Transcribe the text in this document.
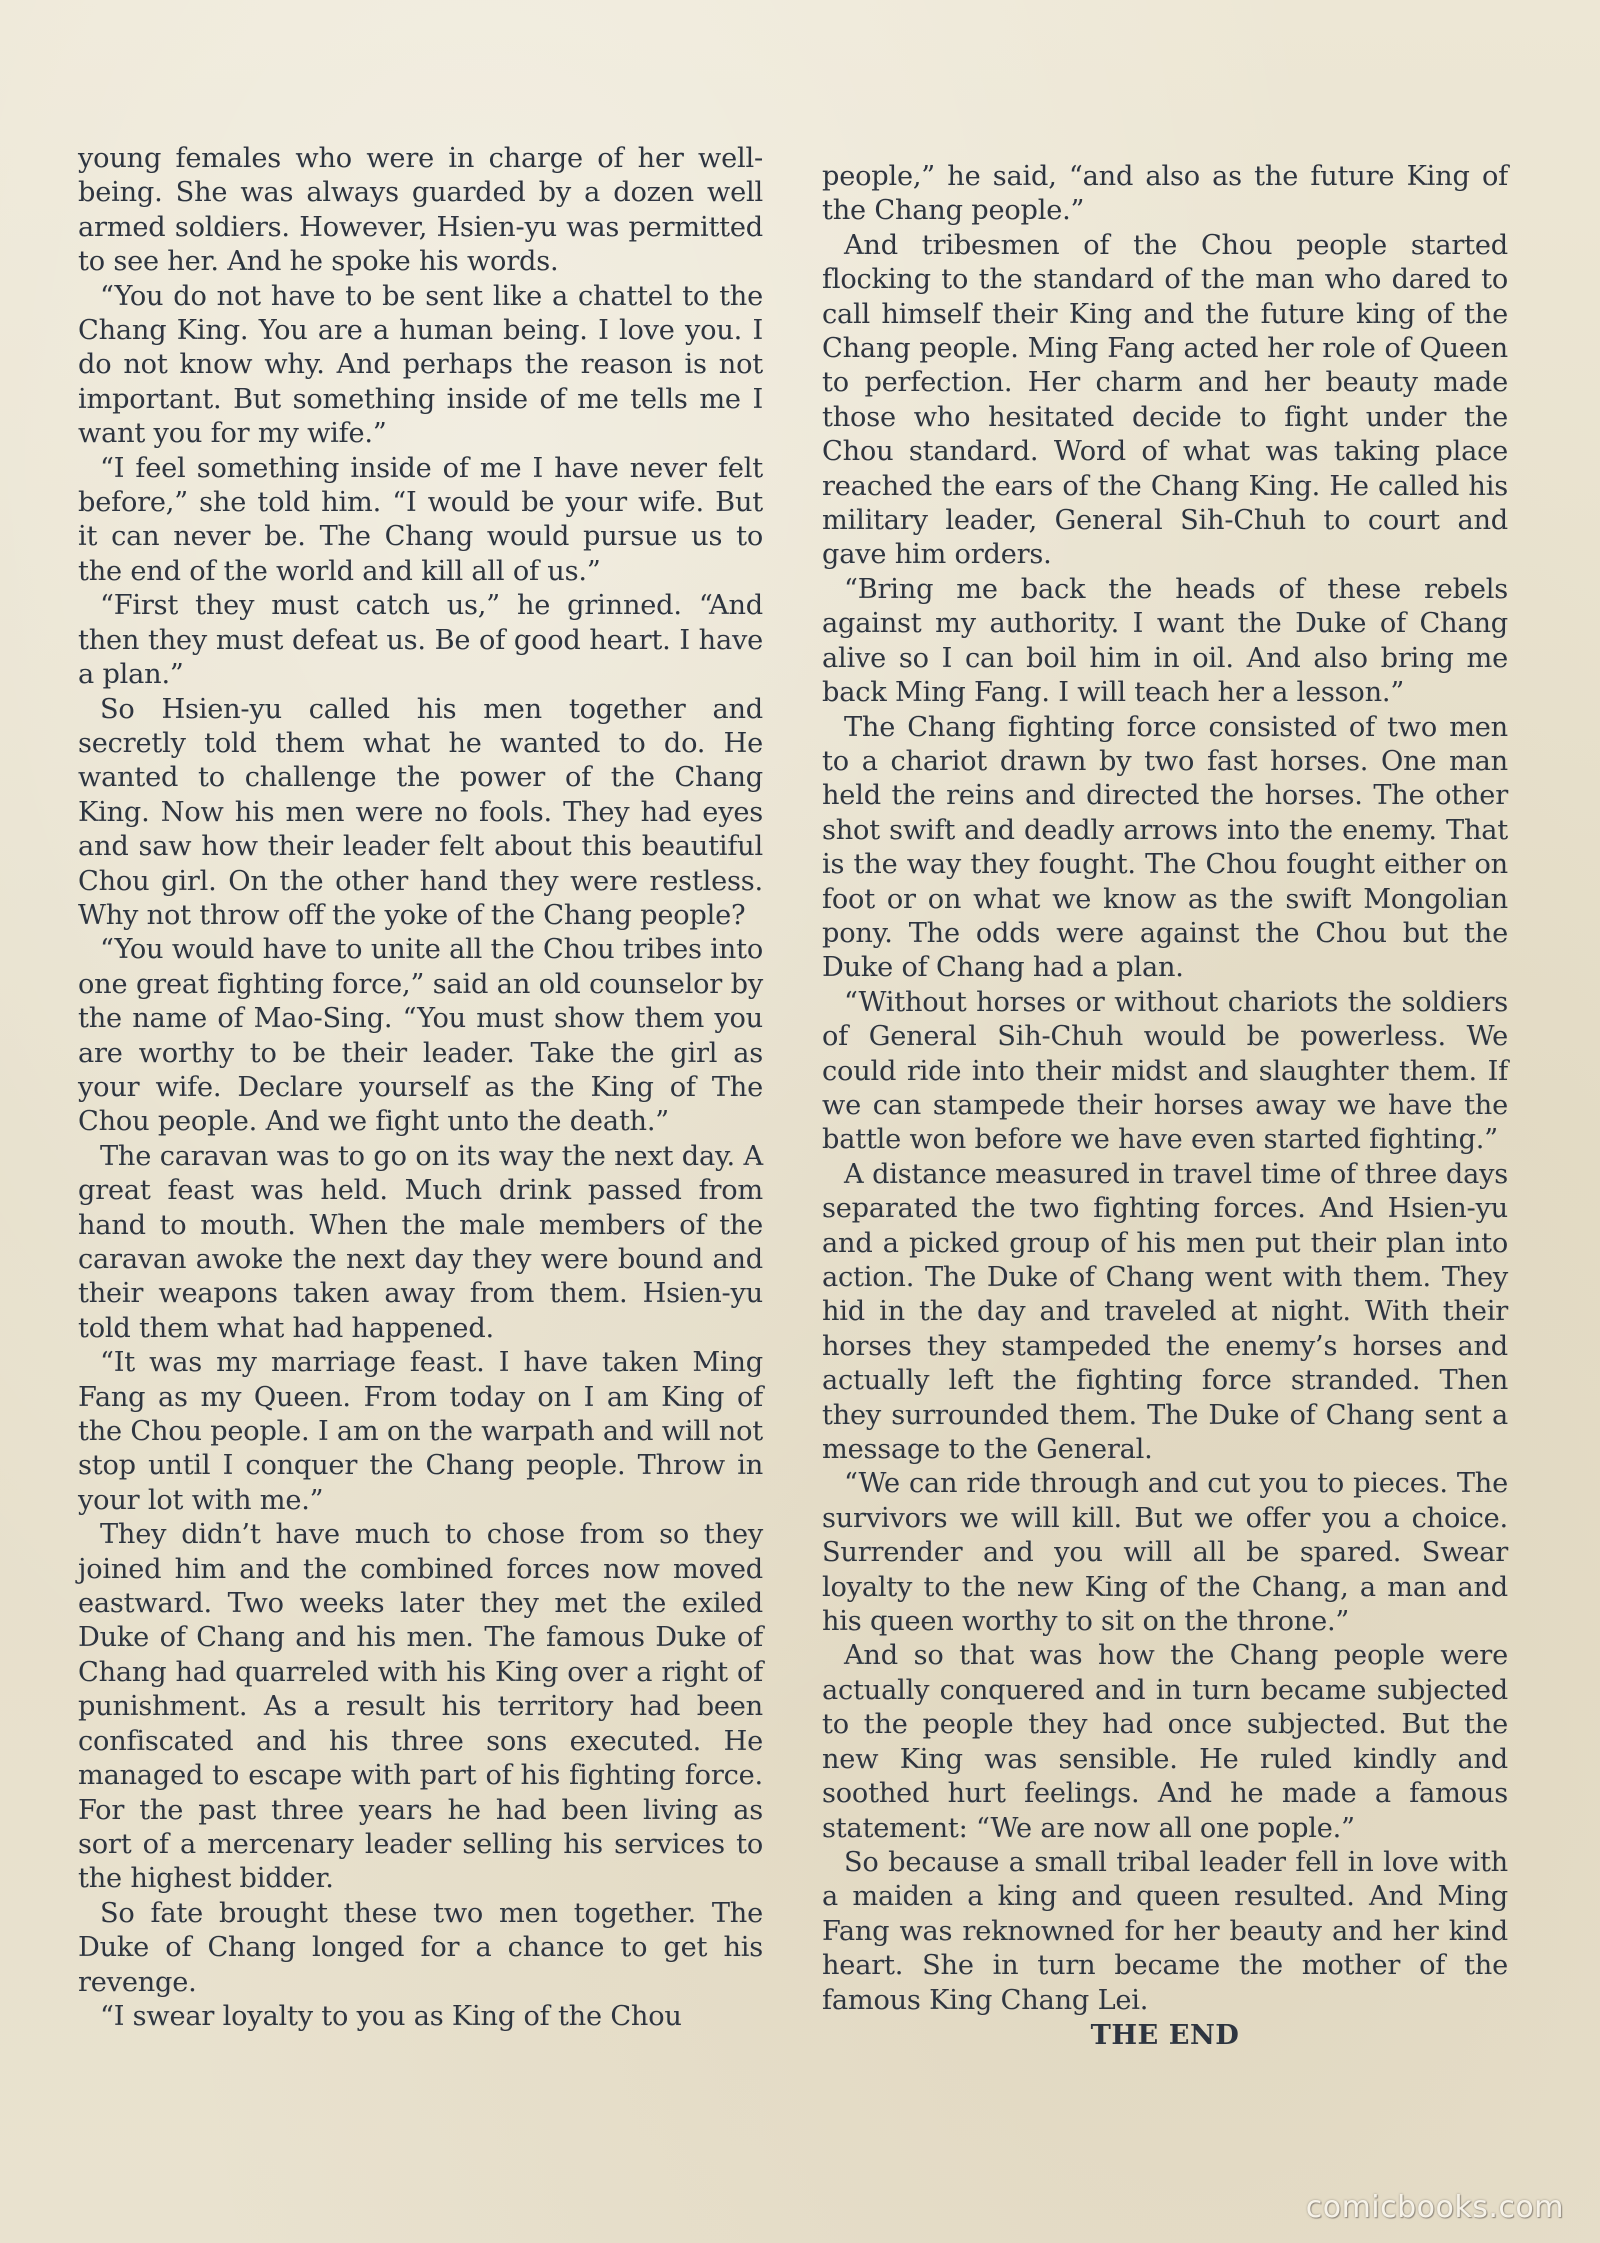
young females who were in charge of her well-being. She was always guarded by a dozen well armed soldiers. However, Hsien-yu was permitted to see her. And he spoke his words.

“You do not have to be sent like a chattel to the Chang King. You are a human being. I love you. I do not know why. And perhaps the reason is not important. But something inside of me tells me I want you for my wife.”

“I feel something inside of me I have never felt before,” she told him. “I would be your wife. But it can never be. The Chang would pursue us to the end of the world and kill all of us.”

“First they must catch us,” he grinned. “And then they must defeat us. Be of good heart. I have a plan.”

So Hsien-yu called his men together and secretly told them what he wanted to do. He wanted to challenge the power of the Chang King. Now his men were no fools. They had eyes and saw how their leader felt about this beautiful Chou girl. On the other hand they were restless. Why not throw off the yoke of the Chang people?

“You would have to unite all the Chou tribes into one great fighting force,” said an old counselor by the name of Mao-Sing. “You must show them you are worthy to be their leader. Take the girl as your wife. Declare yourself as the King of The Chou people. And we fight unto the death.”

The caravan was to go on its way the next day. A great feast was held. Much drink passed from hand to mouth. When the male members of the caravan awoke the next day they were bound and their weapons taken away from them. Hsien-yu told them what had happened.

“It was my marriage feast. I have taken Ming Fang as my Queen. From today on I am King of the Chou people. I am on the warpath and will not stop until I conquer the Chang people. Throw in your lot with me.”

They didn’t have much to chose from so they joined him and the combined forces now moved eastward. Two weeks later they met the exiled Duke of Chang and his men. The famous Duke of Chang had quarreled with his King over a right of punishment. As a result his territory had been confiscated and his three sons executed. He managed to escape with part of his fighting force. For the past three years he had been living as sort of a mercenary leader selling his services to the highest bidder.

So fate brought these two men together. The Duke of Chang longed for a chance to get his revenge.

“I swear loyalty to you as King of the Chou

people,” he said, “and also as the future King of the Chang people.”

And tribesmen of the Chou people started flocking to the standard of the man who dared to call himself their King and the future king of the Chang people. Ming Fang acted her role of Queen to perfection. Her charm and her beauty made those who hesitated decide to fight under the Chou standard. Word of what was taking place reached the ears of the Chang King. He called his military leader, General Sih-Chuh to court and gave him orders.

“Bring me back the heads of these rebels against my authority. I want the Duke of Chang alive so I can boil him in oil. And also bring me back Ming Fang. I will teach her a lesson.”

The Chang fighting force consisted of two men to a chariot drawn by two fast horses. One man held the reins and directed the horses. The other shot swift and deadly arrows into the enemy. That is the way they fought. The Chou fought either on foot or on what we know as the swift Mongolian pony. The odds were against the Chou but the Duke of Chang had a plan.

“Without horses or without chariots the soldiers of General Sih-Chuh would be powerless. We could ride into their midst and slaughter them. If we can stampede their horses away we have the battle won before we have even started fighting.”

A distance measured in travel time of three days separated the two fighting forces. And Hsien-yu and a picked group of his men put their plan into action. The Duke of Chang went with them. They hid in the day and traveled at night. With their horses they stampeded the enemy’s horses and actually left the fighting force stranded. Then they surrounded them. The Duke of Chang sent a message to the General.

“We can ride through and cut you to pieces. The survivors we will kill. But we offer you a choice. Surrender and you will all be spared. Swear loyalty to the new King of the Chang, a man and his queen worthy to sit on the throne.”

And so that was how the Chang people were actually conquered and in turn became subjected to the people they had once subjected. But the new King was sensible. He ruled kindly and soothed hurt feelings. And he made a famous statement: “We are now all one pople.”

So because a small tribal leader fell in love with a maiden a king and queen resulted. And Ming Fang was reknowned for her beauty and her kind heart. She in turn became the mother of the famous King Chang Lei.

THE END

comicbooks.com
